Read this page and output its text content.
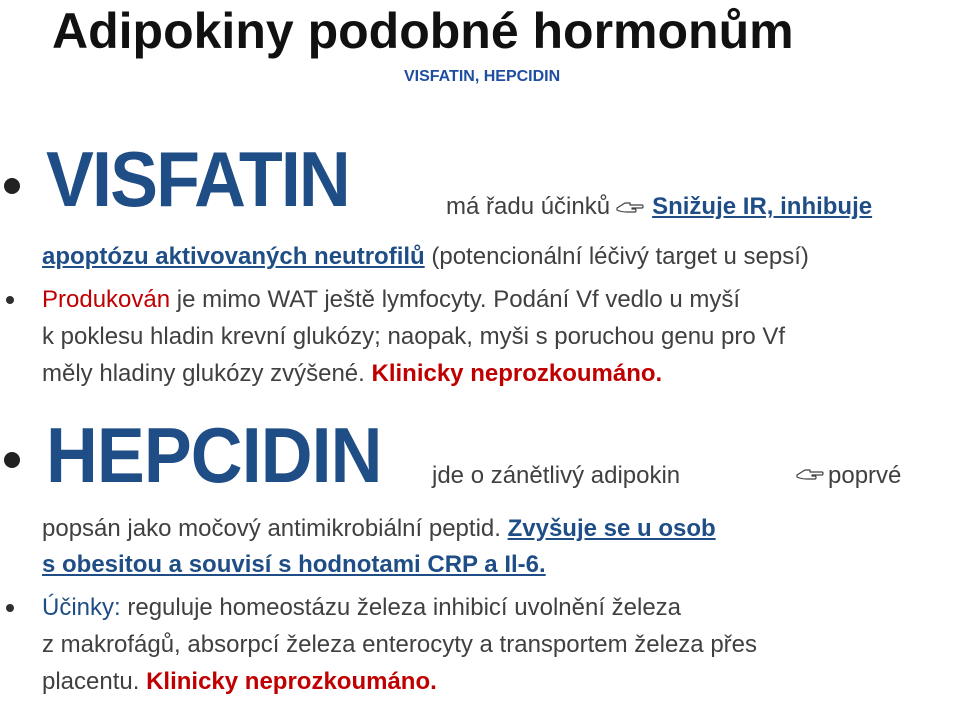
Adipokiny podobné hormonům
VISFATIN, HEPCIDIN
VISFATIN	má řadu účinků Snižuje IR, inhibuje
apoptózu aktivovaných neutrofilů (potencionální léčivý target u sepsí)
Produkován je mimo WAT ještě lymfocyty. Podání Vf vedlo u myší
k poklesu hladin krevní glukózy; naopak, myši s poruchou genu pro Vf
měly hladiny glukózy zvýšené. Klinicky neprozkoumáno.
HEPCIDIN jde o zánětlivý adipokin	poprvé
popsán jako močový antimikrobiální peptid. Zvyšuje se u osob
s obesitou a souvisí s hodnotami CRP a Il-6.
Účinky: reguluje homeostázu železa inhibicí uvolnění železa
z makrofágů, absorpcí železa enterocyty a transportem železa přes
placentu. Klinicky neprozkoumáno.
